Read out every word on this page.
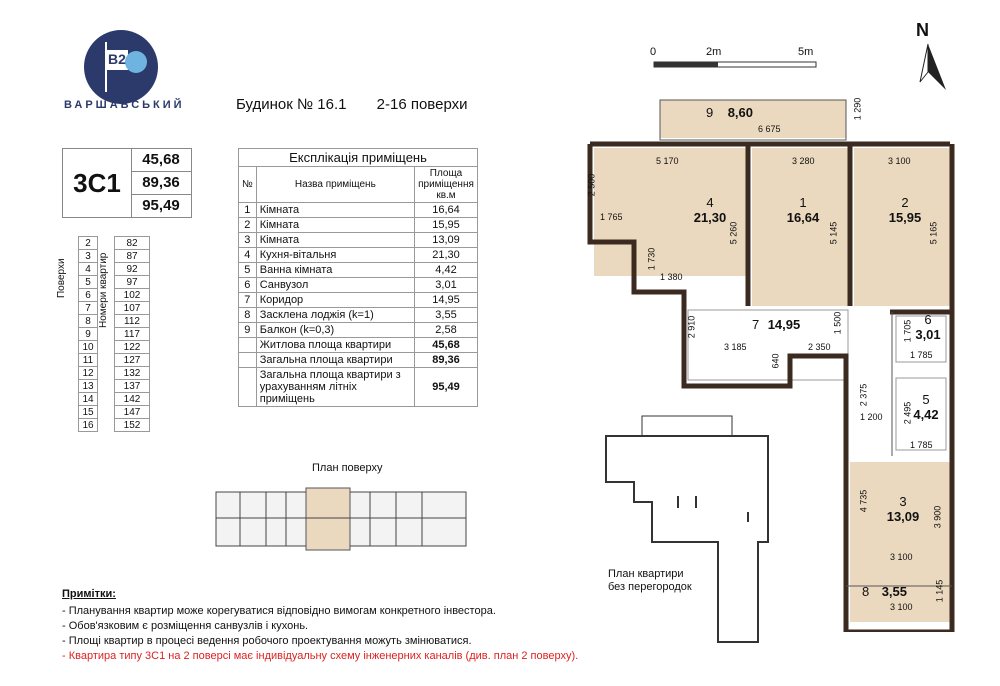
B2
ВАРШАВСЬКИЙ	Будинок № 16.1 2-16 поверхи
3С1
45,68
89,36
95,49
2		82
3		87
4		92
5		97
6		102
7		107
8		112
9		117
10		122
11		127
12		132
13		137
14		142
15		147
16		152
Поверхи	Номери квартир
Експлікація приміщень		
№	Назва приміщень	Площа приміщення кв.м
1	Кімната	16,64
2	Кімната	15,95
3	Кімната	13,09
4	Кухня-вітальня	21,30
5	Ванна кімната	4,42
6	Санвузол	3,01
7	Коридор	14,95
8	Засклена лоджія (k=1)	3,55
9	Балкон (k=0,3)	2,58
	Житлова площа квартири	45,68
	Загальна площа квартири	89,36
	Загальна площа квартири з урахуванням літніх приміщень	95,49
План поверху
План квартири
без перегородок
Примітки:
- Планування квартир може корегуватися відповідно вимогам конкретного інвестора.
- Обов'язковим є розміщення санвузлів і кухонь.
- Площі квартир в процесі ведення робочого проектування можуть змінюватися.
- Квартира типу 3С1 на 2 поверсі має індивідуальну схему інженерних каналів (див. план 2 поверху).
0	2m	5m
N
9 8,60
4
21,30
1
16,64
2
15,95
7 14,95	6
3,01
5
4,42
3
13,09
8 3,55
6 675
1 290
5 170	3 280	3 100
2 500
1 765
5 260	5 145	5 165
1 730
1 380
2 910
3 185	2 350
1 500
640
1 705
1 785
2 375
1 200 2 495
1 785
4 735
3 900
3 100
1 145
3 100
